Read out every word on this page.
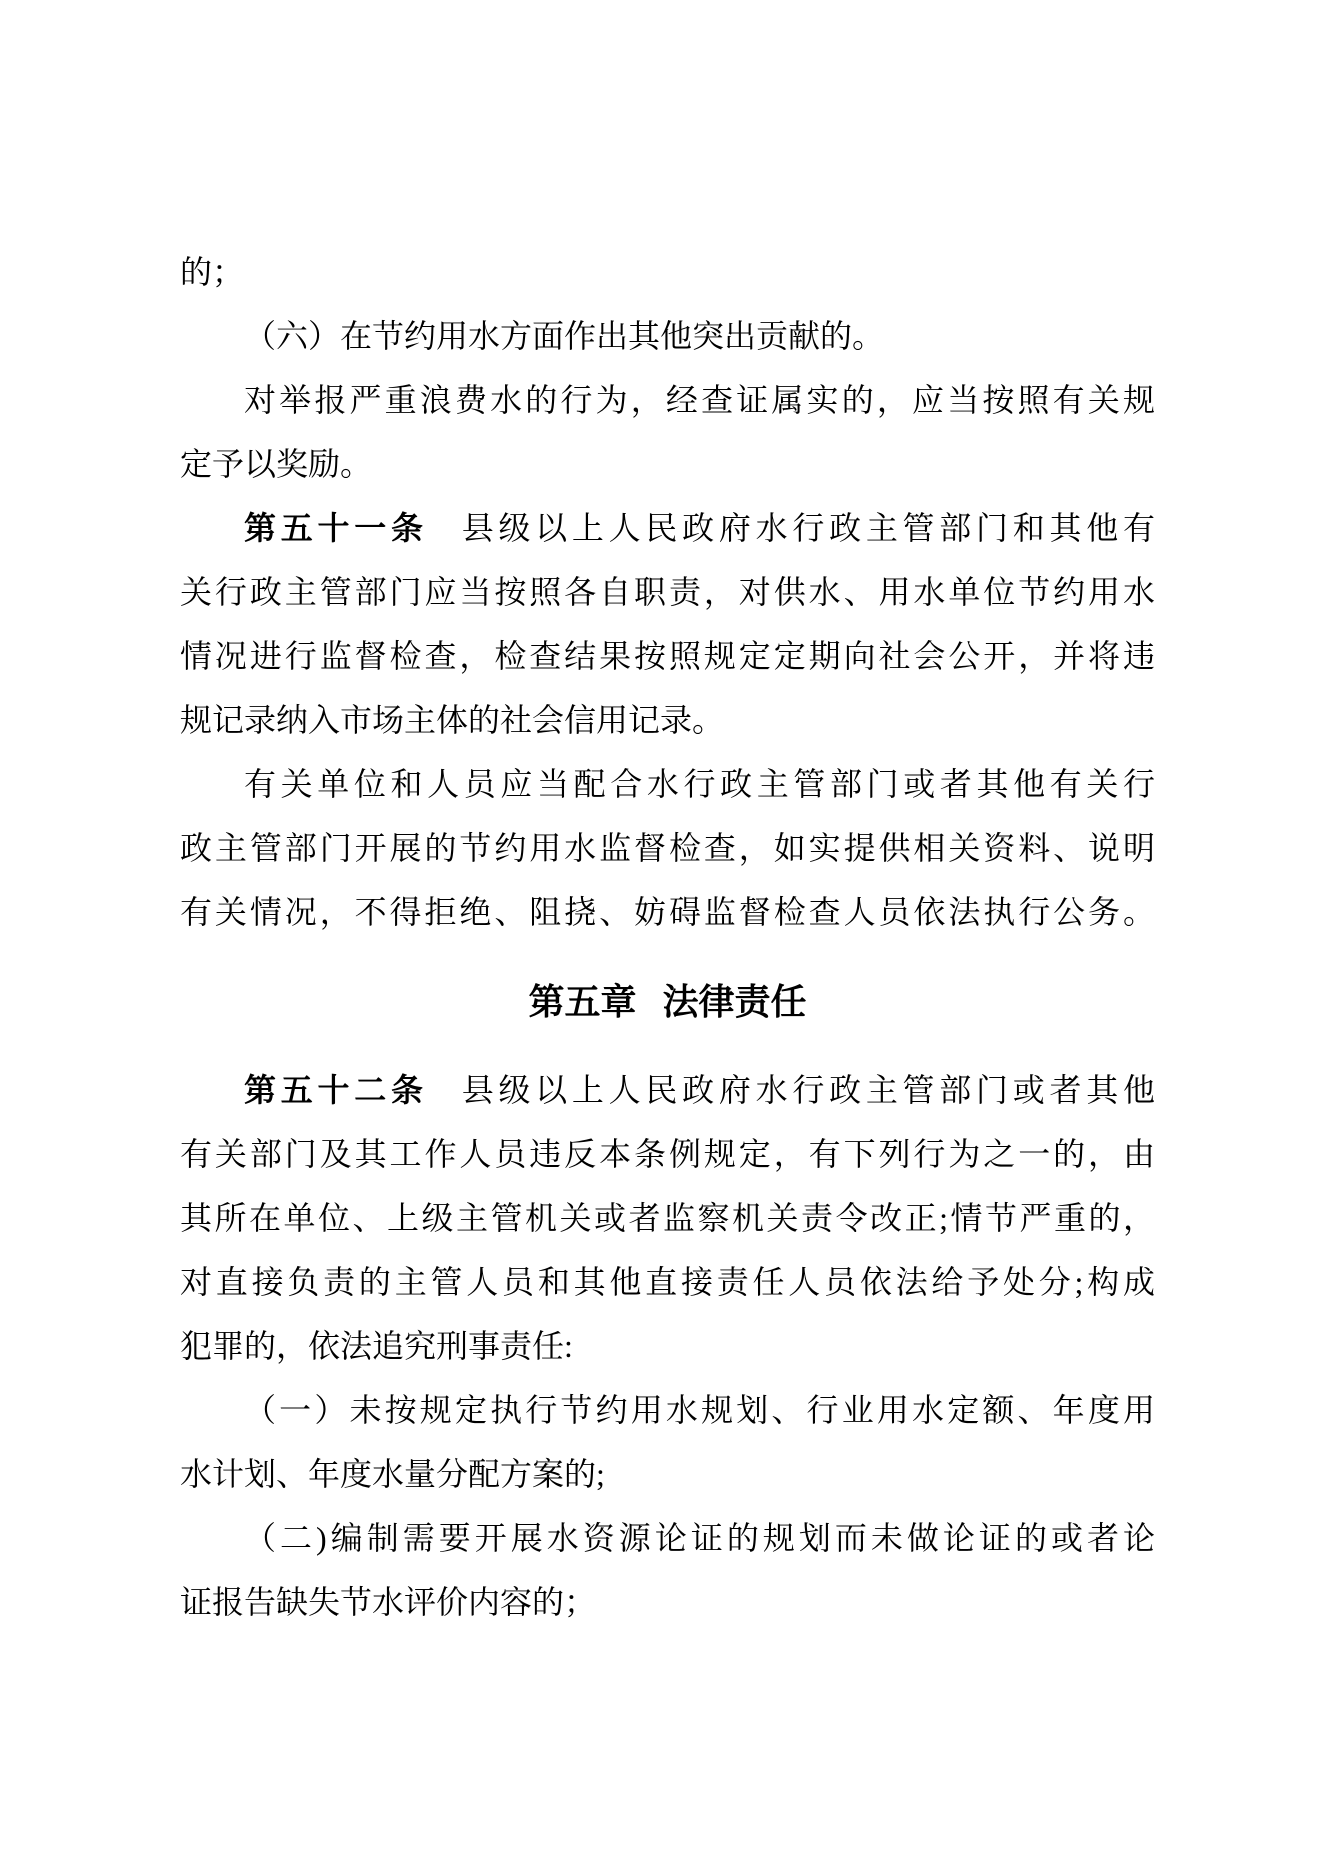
的；
（六）在节约用水方面作出其他突出贡献的。
对举报严重浪费水的行为，经查证属实的，应当按照有关规
定予以奖励。
第五十一条 县级以上人民政府水行政主管部门和其他有
关行政主管部门应当按照各自职责，对供水、用水单位节约用水
情况进行监督检查，检查结果按照规定定期向社会公开，并将违
规记录纳入市场主体的社会信用记录。
有关单位和人员应当配合水行政主管部门或者其他有关行
政主管部门开展的节约用水监督检查，如实提供相关资料、说明
有关情况，不得拒绝、阻挠、妨碍监督检查人员依法执行公务。
第五章 法律责任
第五十二条 县级以上人民政府水行政主管部门或者其他
有关部门及其工作人员违反本条例规定，有下列行为之一的，由
其所在单位、上级主管机关或者监察机关责令改正;情节严重的，
对直接负责的主管人员和其他直接责任人员依法给予处分;构成
犯罪的，依法追究刑事责任:
（一）未按规定执行节约用水规划、行业用水定额、年度用
水计划、年度水量分配方案的;
（二)编制需要开展水资源论证的规划而未做论证的或者论
证报告缺失节水评价内容的；
